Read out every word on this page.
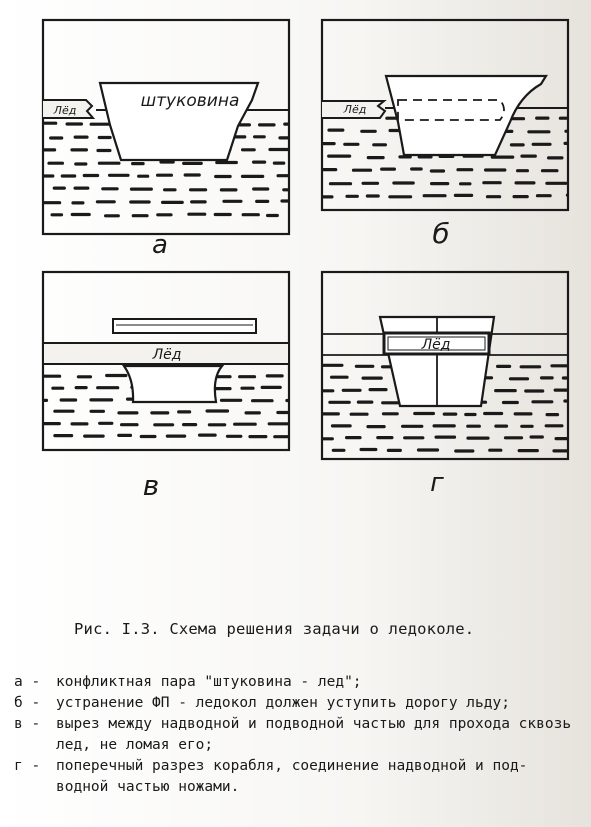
штуковина
Лёд	Лёд
Лёд
Лёд
а	б
в	г
Рис. I.3. Схема решения задачи о ледоколе.
а -	конфликтная пара "штуковина - лед";
б -	устранение ФП - ледокол должен уступить дорогу льду;
в -	вырез между надводной и подводной частью для прохода сквозь
лед, не ломая его;
г -	поперечный разрез корабля, соединение надводной и под-
водной частью ножами.
